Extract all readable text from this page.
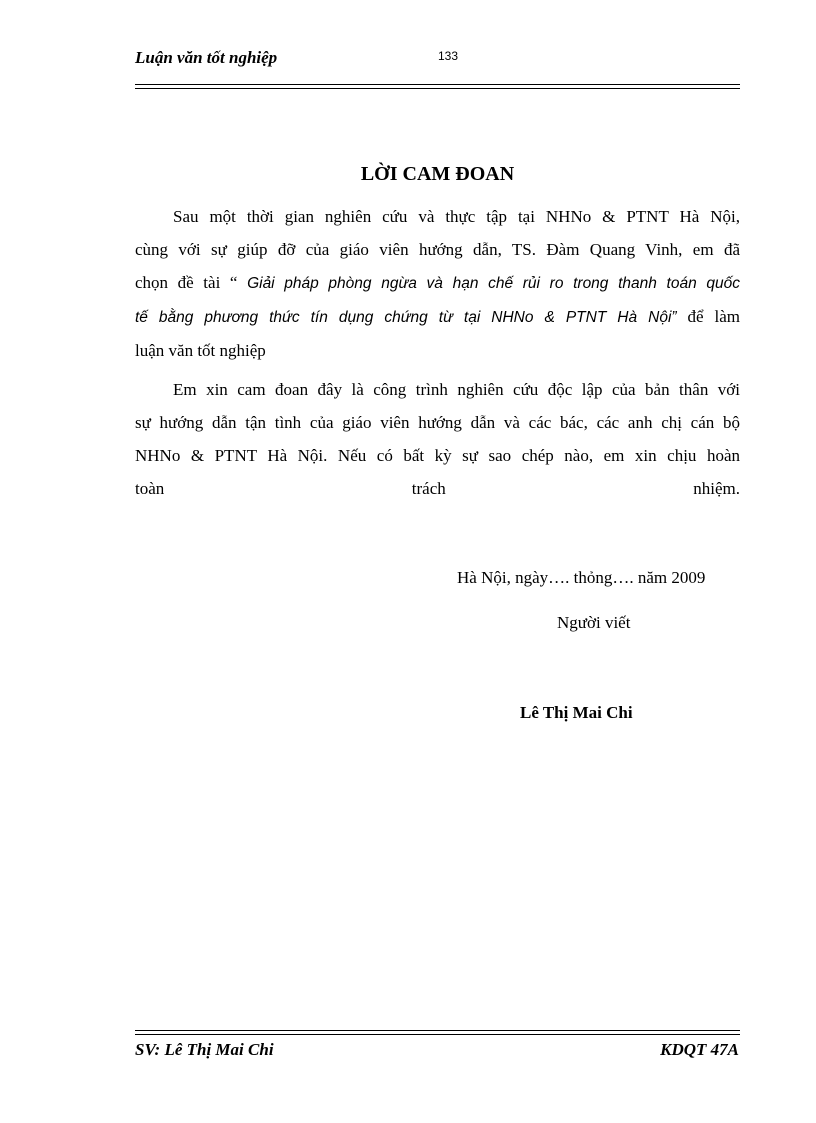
Luận văn tốt nghiệp	133
LỜI CAM ĐOAN
Sau một thời gian nghiên cứu và thực tập tại NHNo & PTNT Hà Nội,
cùng với sự giúp đỡ của giáo viên hướng dẫn, TS. Đàm Quang Vinh, em đã
chọn đề tài “ Giải pháp phòng ngừa và hạn chế rủi ro trong thanh toán quốc
tế bằng phương thức tín dụng chứng từ tại NHNo & PTNT Hà Nội” để làm
luận văn tốt nghiệp
Em xin cam đoan đây là công trình nghiên cứu độc lập của bản thân với
sự hướng dẫn tận tình của giáo viên hướng dẫn và các bác, các anh chị cán bộ
NHNo & PTNT Hà Nội. Nếu có bất kỳ sự sao chép nào, em xin chịu hoàn
toàn trách nhiệm.
Hà Nội, ngày…. thỏng…. năm 2009
Người viết
Lê Thị Mai Chi
SV: Lê Thị Mai Chi	KDQT 47A
